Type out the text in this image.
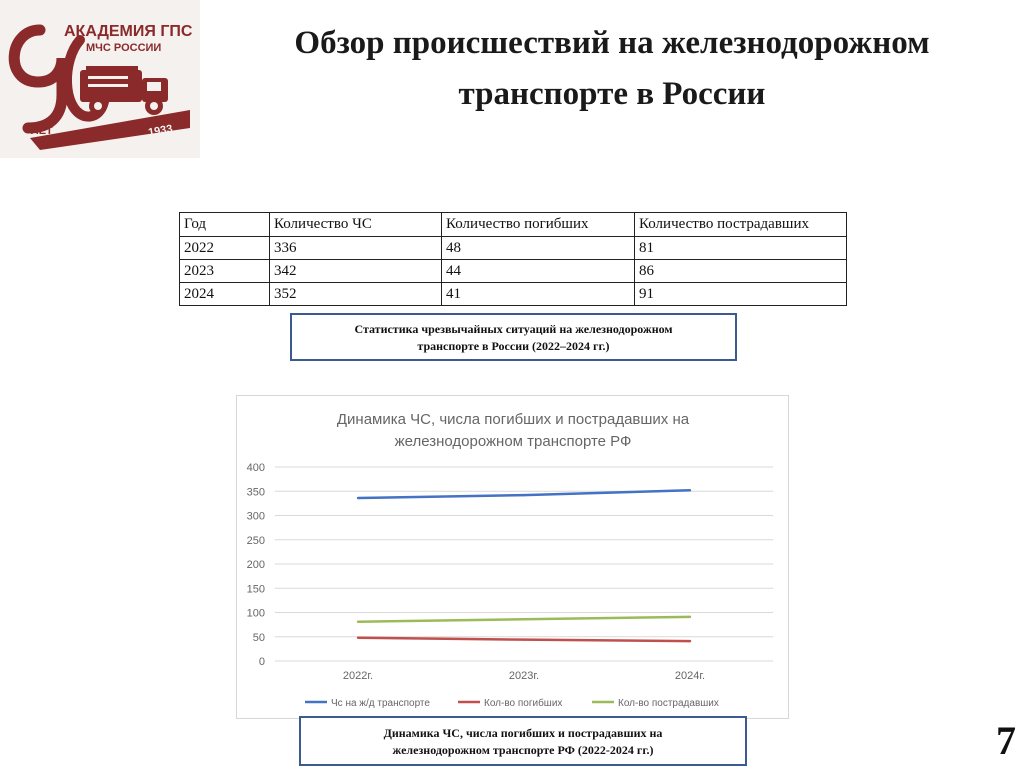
АКАДЕМИЯ ГПС
МЧС РОССИИ
ЛЕТ	1933
Обзор происшествий на железнодорожном
транспорте в России
Год	Количество ЧС	Количество погибших	Количество пострадавших
2022	336	48	81
2023	342	44	86
2024	352	41	91
Статистика чрезвычайных ситуаций на железнодорожном
транспорте в России (2022–2024 гг.)
Динамика ЧС, числа погибших и пострадавших на
железнодорожном транспорте РФ
0
50
100
150
200
250
300
350
400
2022г.	2023г.	2024г.
Чс на ж/д транспорте	Кол-во погибших	Кол-во пострадавших
Динамика ЧС, числа погибших и пострадавших на
железнодорожном транспорте РФ (2022-2024 гг.)	7
